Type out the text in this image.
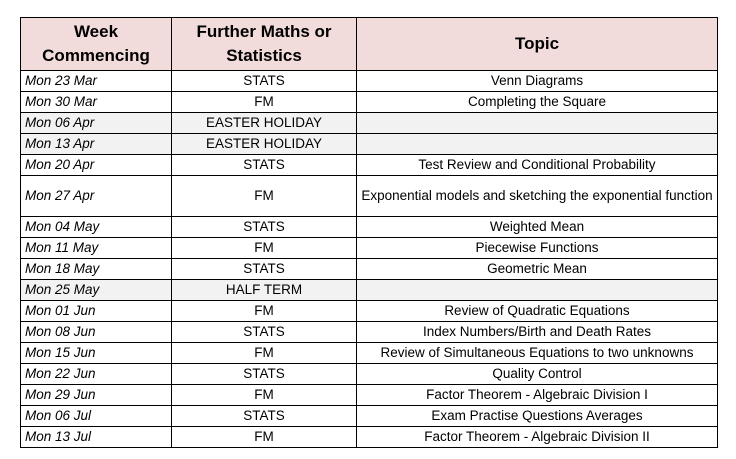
Week Commencing	Further Maths or Statistics	Topic
Mon 23 Mar	STATS	Venn Diagrams
Mon 30 Mar	FM	Completing the Square
Mon 06 Apr	EASTER HOLIDAY	
Mon 13 Apr	EASTER HOLIDAY	
Mon 20 Apr	STATS	Test Review and Conditional Probability
Mon 27 Apr	FM	Exponential models and sketching the exponential function
Mon 04 May	STATS	Weighted Mean
Mon 11 May	FM	Piecewise Functions
Mon 18 May	STATS	Geometric Mean
Mon 25 May	HALF TERM	
Mon 01 Jun	FM	Review of Quadratic Equations
Mon 08 Jun	STATS	Index Numbers/Birth and Death Rates
Mon 15 Jun	FM	Review of Simultaneous Equations to two unknowns
Mon 22 Jun	STATS	Quality Control
Mon 29 Jun	FM	Factor Theorem - Algebraic Division I
Mon 06 Jul	STATS	Exam Practise Questions Averages
Mon 13 Jul	FM	Factor Theorem - Algebraic Division II
